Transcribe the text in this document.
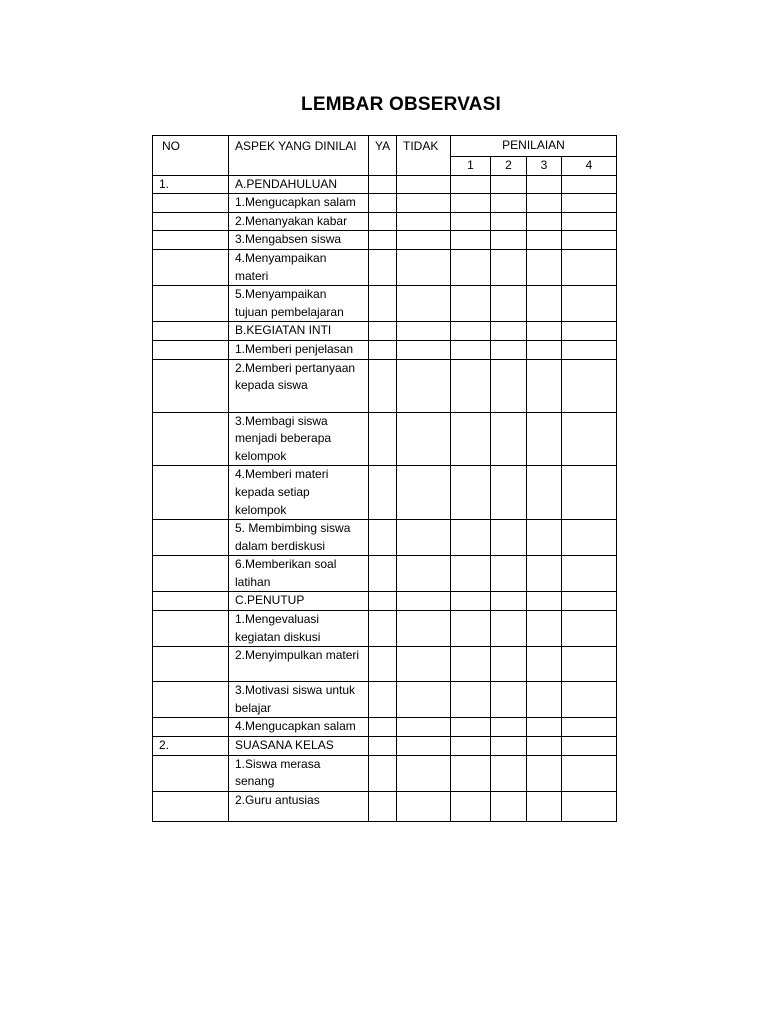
LEMBAR OBSERVASI
NO	ASPEK YANG DINILAI	YA	TIDAK	PENILAIAN			
				1	2	3	4
1.	A.PENDAHULUAN						
	1.Mengucapkan salam						
	2.Menanyakan kabar						
	3.Mengabsen siswa						
	4.Menyampaikan materi						
	5.Menyampaikan tujuan pembelajaran						
	B.KEGIATAN INTI						
	1.Memberi penjelasan						
	2.Memberi pertanyaan kepada siswa						
	3.Membagi siswa menjadi beberapa kelompok						
	4.Memberi materi kepada setiap kelompok						
	5. Membimbing siswa dalam berdiskusi						
	6.Memberikan soal latihan						
	C.PENUTUP						
	1.Mengevaluasi kegiatan diskusi						
	2.Menyimpulkan materi						
	3.Motivasi siswa untuk belajar						
	4.Mengucapkan salam						
2.	SUASANA KELAS						
	1.Siswa merasa senang						
	2.Guru antusias						
